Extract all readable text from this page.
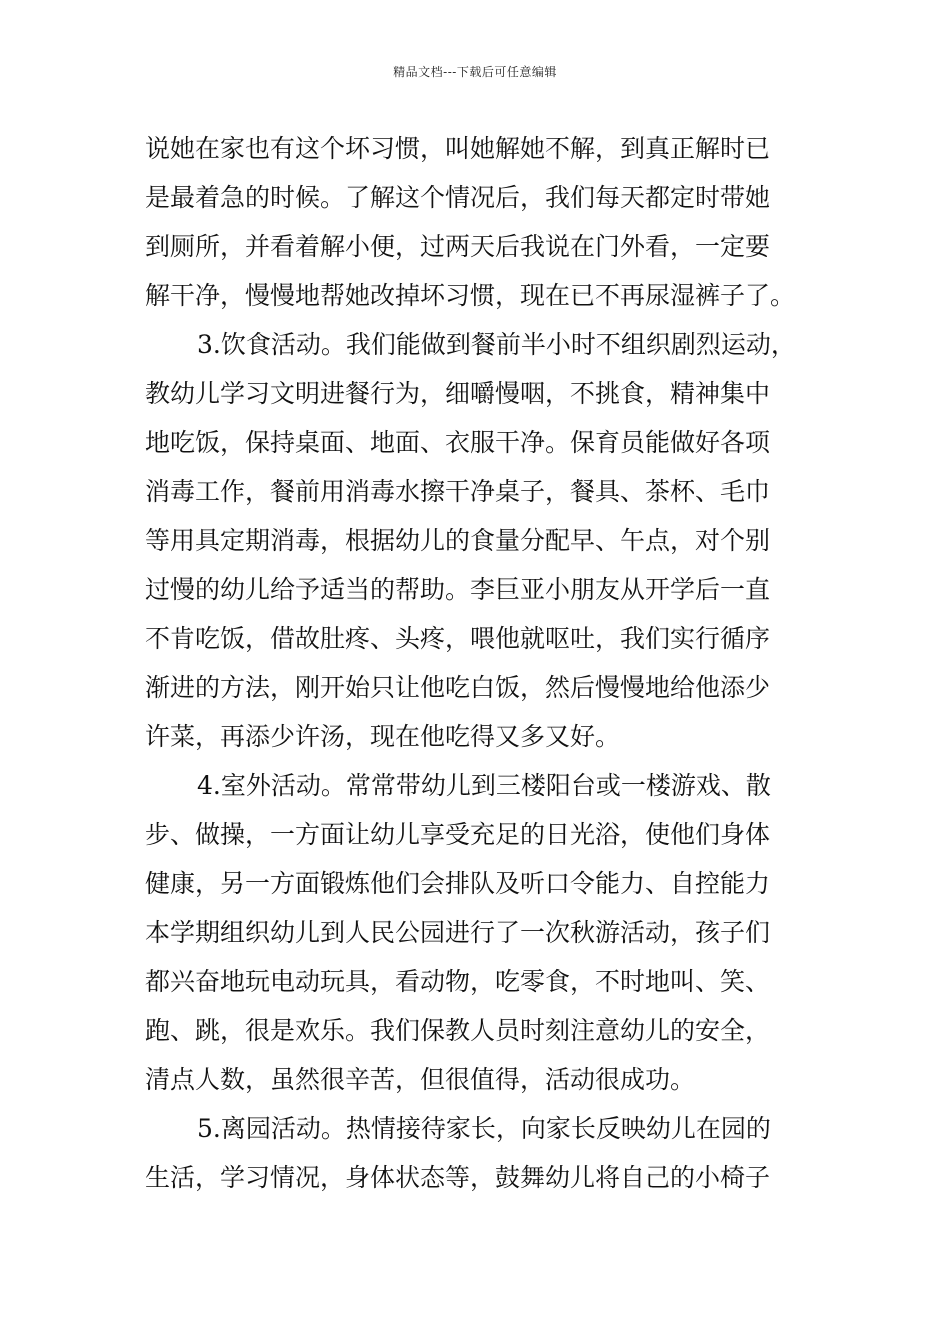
精品文档---下载后可任意编辑
说她在家也有这个坏习惯，叫她解她不解，到真正解时已
是最着急的时候。了解这个情况后，我们每天都定时带她
到厕所，并看着解小便，过两天后我说在门外看，一定要
解干净，慢慢地帮她改掉坏习惯，现在已不再尿湿裤子了。
3.饮食活动。我们能做到餐前半小时不组织剧烈运动，
教幼儿学习文明进餐行为，细嚼慢咽，不挑食，精神集中
地吃饭，保持桌面、地面、衣服干净。保育员能做好各项
消毒工作，餐前用消毒水擦干净桌子，餐具、茶杯、毛巾
等用具定期消毒，根据幼儿的食量分配早、午点，对个别
过慢的幼儿给予适当的帮助。李巨亚小朋友从开学后一直
不肯吃饭，借故肚疼、头疼，喂他就呕吐，我们实行循序
渐进的方法，刚开始只让他吃白饭，然后慢慢地给他添少
许菜，再添少许汤，现在他吃得又多又好。
4.室外活动。常常带幼儿到三楼阳台或一楼游戏、散
步、做操，一方面让幼儿享受充足的日光浴，使他们身体
健康，另一方面锻炼他们会排队及听口令能力、自控能力
本学期组织幼儿到人民公园进行了一次秋游活动，孩子们
都兴奋地玩电动玩具，看动物，吃零食，不时地叫、笑、
跑、跳，很是欢乐。我们保教人员时刻注意幼儿的安全，
清点人数，虽然很辛苦，但很值得，活动很成功。
5.离园活动。热情接待家长，向家长反映幼儿在园的
生活，学习情况，身体状态等，鼓舞幼儿将自己的小椅子
